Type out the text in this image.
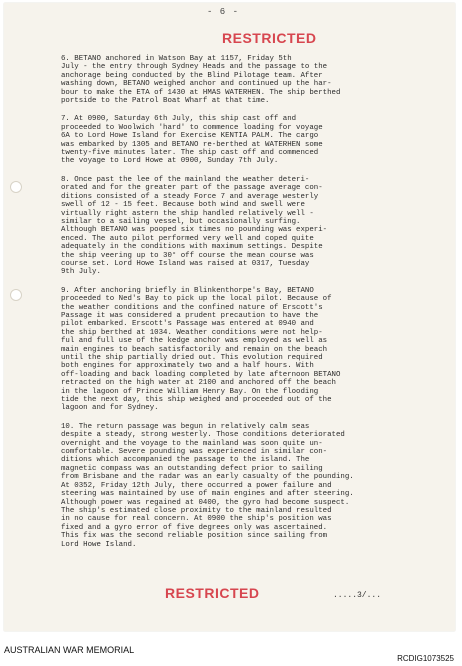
- 6 -
RESTRICTED

6. BETANO anchored in Watson Bay at 1157, Friday 5th
July - the entry through Sydney Heads and the passage to the
anchorage being conducted by the Blind Pilotage team. After
washing down, BETANO weighed anchor and continued up the har-
bour to make the ETA of 1430 at HMAS WATERHEN. The ship berthed
portside to the Patrol Boat Wharf at that time.

7. At 0900, Saturday 6th July, this ship cast off and
proceeded to Woolwich 'hard' to commence loading for voyage
6A to Lord Howe Island for Exercise KENTIA PALM. The cargo
was embarked by 1305 and BETANO re-berthed at WATERHEN some
twenty-five minutes later. The ship cast off and commenced
the voyage to Lord Howe at 0900, Sunday 7th July.

8. Once past the lee of the mainland the weather deteri-
orated and for the greater part of the passage average con-
ditions consisted of a steady Force 7 and average westerly
swell of 12 - 15 feet. Because both wind and swell were
virtually right astern the ship handled relatively well -
similar to a sailing vessel, but occasionally surfing.
Although BETANO was pooped six times no pounding was experi-
enced. The auto pilot performed very well and coped quite
adequately in the conditions with maximum settings. Despite
the ship veering up to 30° off course the mean course was
course set. Lord Howe Island was raised at 0317, Tuesday
9th July.

9. After anchoring briefly in Blinkenthorpe's Bay, BETANO
proceeded to Ned's Bay to pick up the local pilot. Because of
the weather conditions and the confined nature of Erscott's
Passage it was considered a prudent precaution to have the
pilot embarked. Erscott's Passage was entered at 0940 and
the ship berthed at 1034. Weather conditions were not help-
ful and full use of the kedge anchor was employed as well as
main engines to beach satisfactorily and remain on the beach
until the ship partially dried out. This evolution required
both engines for approximately two and a half hours. With
off-loading and back loading completed by late afternoon BETANO
retracted on the high water at 2100 and anchored off the beach
in the lagoon of Prince William Henry Bay. On the flooding
tide the next day, this ship weighed and proceeded out of the
lagoon and for Sydney.

10. The return passage was begun in relatively calm seas
despite a steady, strong westerly. Those conditions deteriorated
overnight and the voyage to the mainland was soon quite un-
comfortable. Severe pounding was experienced in similar con-
ditions which accompanied the passage to the island. The
magnetic compass was an outstanding defect prior to sailing
from Brisbane and the radar was an early casualty of the pounding.
At 0352, Friday 12th July, there occurred a power failure and
steering was maintained by use of main engines and after steering.
Although power was regained at 0400, the gyro had become suspect.
The ship's estimated close proximity to the mainland resulted
in no cause for real concern. At 0900 the ship's position was
fixed and a gyro error of five degrees only was ascertained.
This fix was the second reliable position since sailing from
Lord Howe Island.

RESTRICTED	.....3/...
AUSTRALIAN WAR MEMORIAL
RCDIG1073525
